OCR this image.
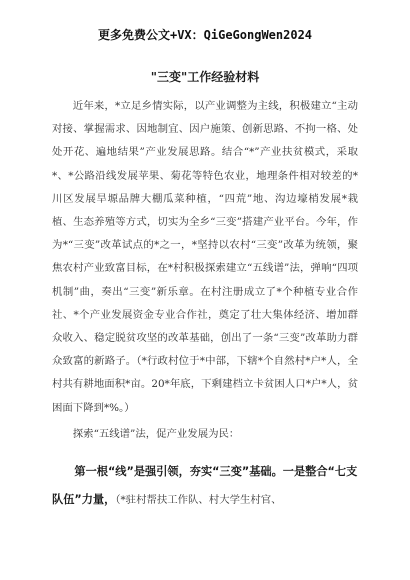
更多免费公文+VX：QiGeGongWen2024
"三变"工作经验材料

近年来，*立足乡情实际，以产业调整为主线，积极建立“主动对接、掌握需求、因地制宜、因户施策、创新思路、不拘一格、处处开花、遍地结果”产业发展思路。结合“*”产业扶贫模式，采取*、*公路沿线发展苹果、菊花等特色农业，地理条件相对较差的*川区发展旱塬品牌大棚瓜菜种植，“四荒”地、沟边壕梢发展*栽植、生态养殖等方式，切实为全乡“三变”搭建产业平台。今年，作为*“三变”改革试点的*之一，*坚持以农村“三变”改革为统领，聚焦农村产业致富目标，在*村积极探索建立“五线谱”法，弹响“四项机制”曲，奏出“三变”新乐章。在村注册成立了*个种植专业合作社、*个产业发展资金专业合作社，奠定了壮大集体经济、增加群众收入、稳定脱贫攻坚的改革基础，创出了一条“三变”改革助力群众致富的新路子。（*行政村位于*中部，下辖*个自然村*户*人，全村共有耕地面积*亩。20*年底，下剩建档立卡贫困人口*户*人，贫困面下降到*%。）

探索“五线谱”法，促产业发展为民：

第一根“线”是强引领，夯实“三变”基础。一是整合“七支队伍”力量，（*驻村帮扶工作队、村大学生村官、
